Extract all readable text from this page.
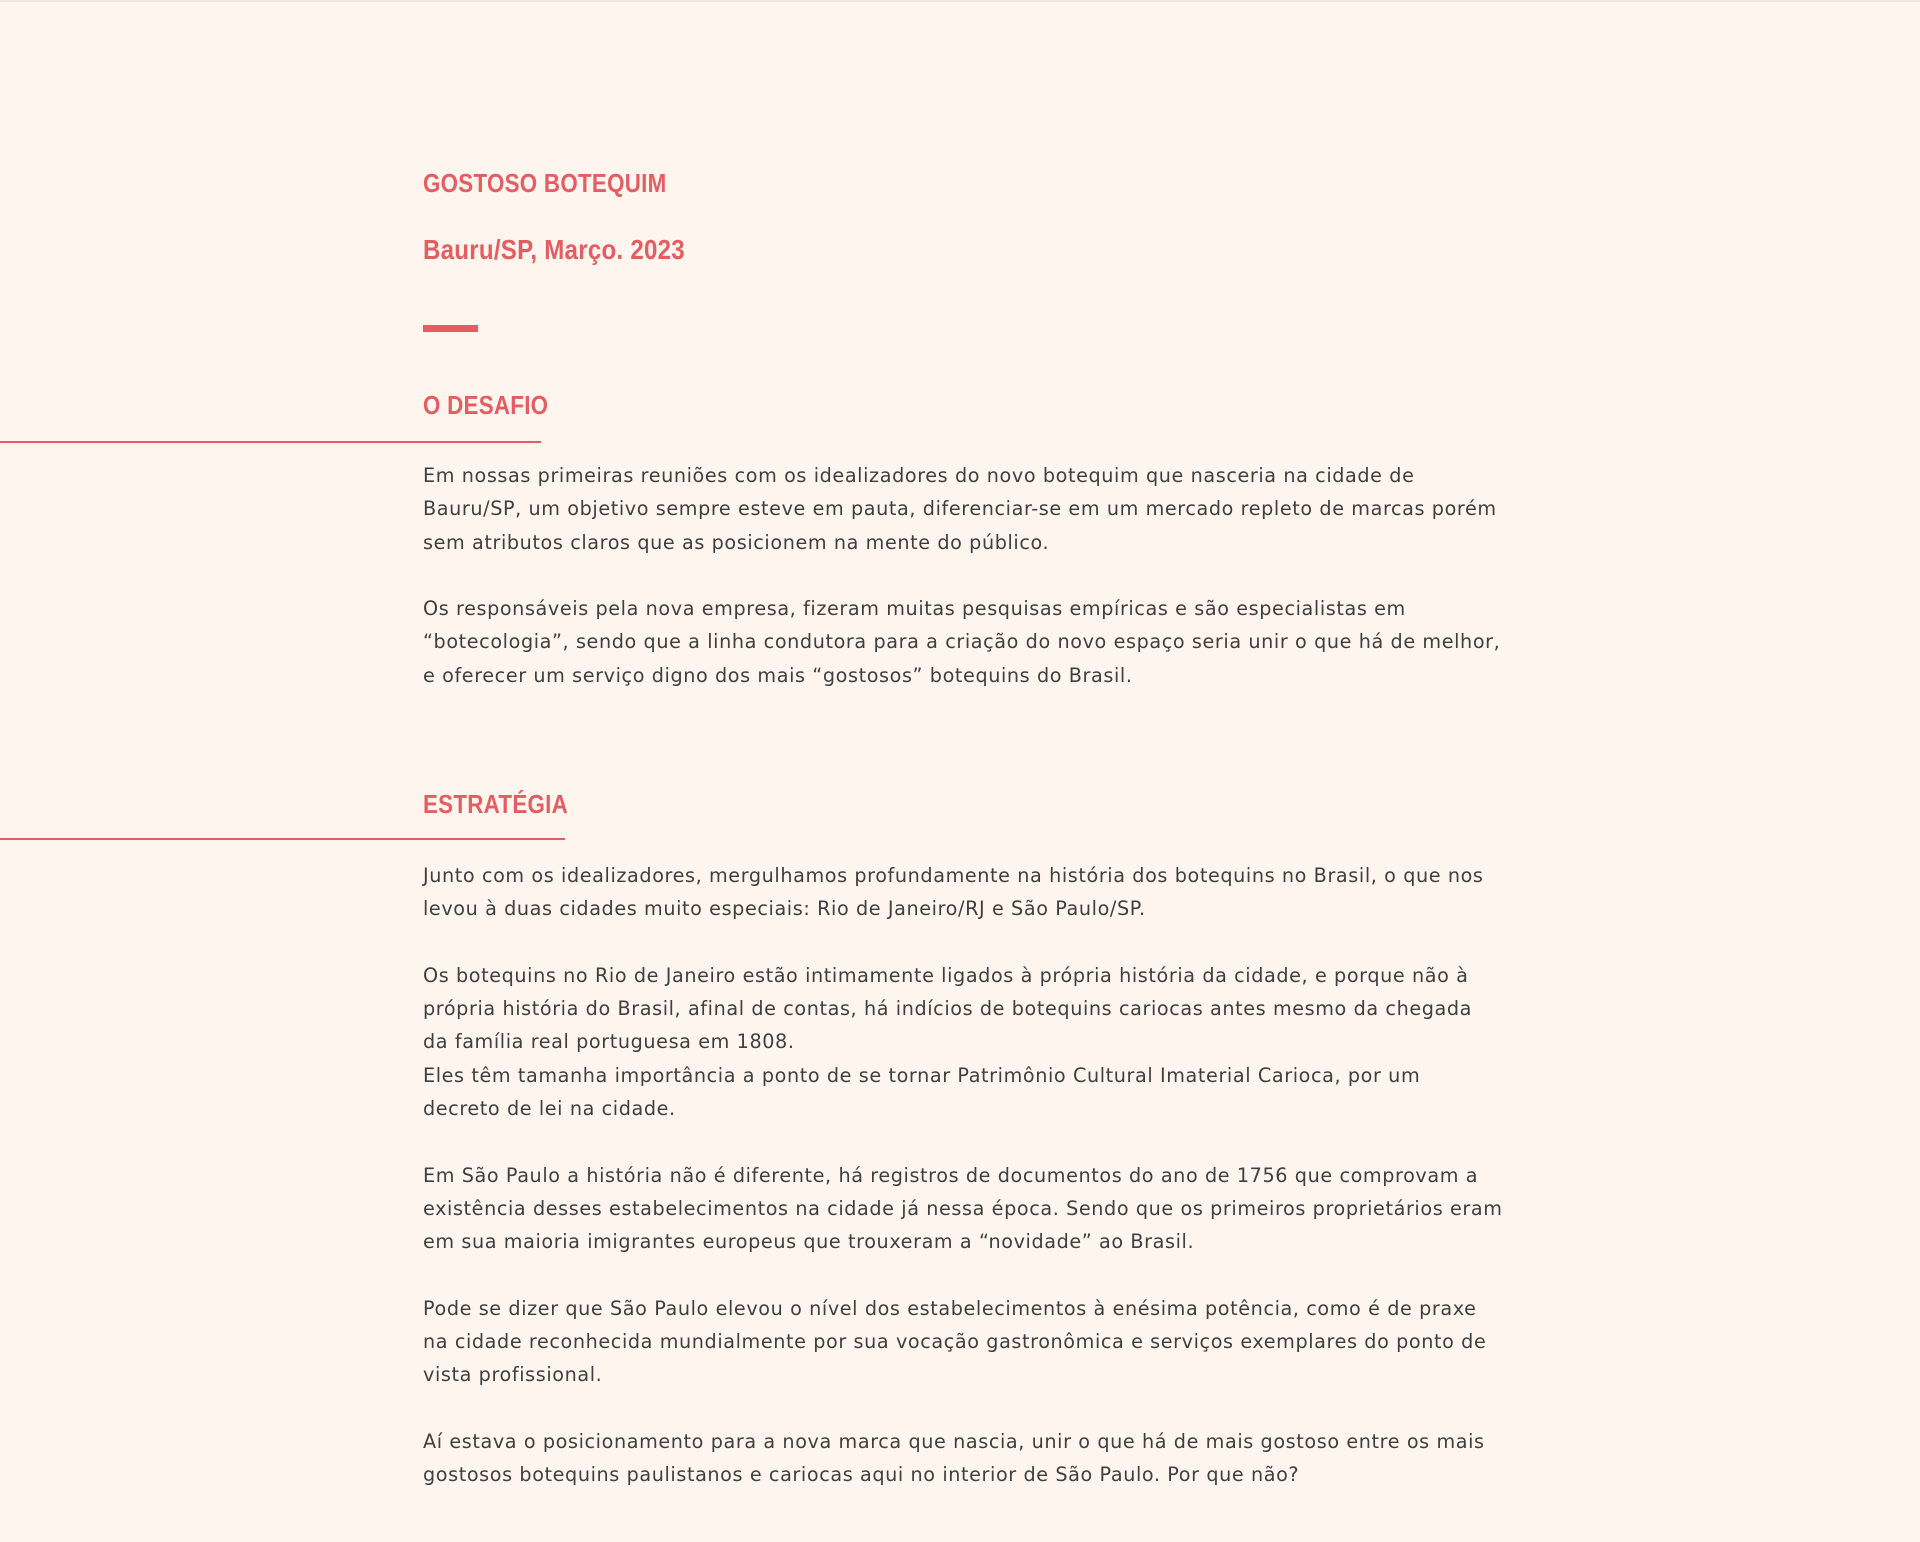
GOSTOSO BOTEQUIM
Bauru/SP, Março. 2023
O DESAFIO

Em nossas primeiras reuniões com os idealizadores do novo botequim que nasceria na cidade de Bauru/SP, um objetivo sempre esteve em pauta, diferenciar-se em um mercado repleto de marcas porém sem atributos claros que as posicionem na mente do público.

Os responsáveis pela nova empresa, fizeram muitas pesquisas empíricas e são especialistas em “botecologia”, sendo que a linha condutora para a criação do novo espaço seria unir o que há de melhor, e oferecer um serviço digno dos mais “gostosos” botequins do Brasil.

ESTRATÉGIA

Junto com os idealizadores, mergulhamos profundamente na história dos botequins no Brasil, o que nos levou à duas cidades muito especiais: Rio de Janeiro/RJ e São Paulo/SP.

Os botequins no Rio de Janeiro estão intimamente ligados à própria história da cidade, e porque não à própria história do Brasil, afinal de contas, há indícios de botequins cariocas antes mesmo da chegada da família real portuguesa em 1808.
Eles têm tamanha importância a ponto de se tornar Patrimônio Cultural Imaterial Carioca, por um decreto de lei na cidade.

Em São Paulo a história não é diferente, há registros de documentos do ano de 1756 que comprovam a existência desses estabelecimentos na cidade já nessa época. Sendo que os primeiros proprietários eram em sua maioria imigrantes europeus que trouxeram a “novidade” ao Brasil.

Pode se dizer que São Paulo elevou o nível dos estabelecimentos à enésima potência, como é de praxe na cidade reconhecida mundialmente por sua vocação gastronômica e serviços exemplares do ponto de vista profissional.

Aí estava o posicionamento para a nova marca que nascia, unir o que há de mais gostoso entre os mais gostosos botequins paulistanos e cariocas aqui no interior de São Paulo. Por que não?
